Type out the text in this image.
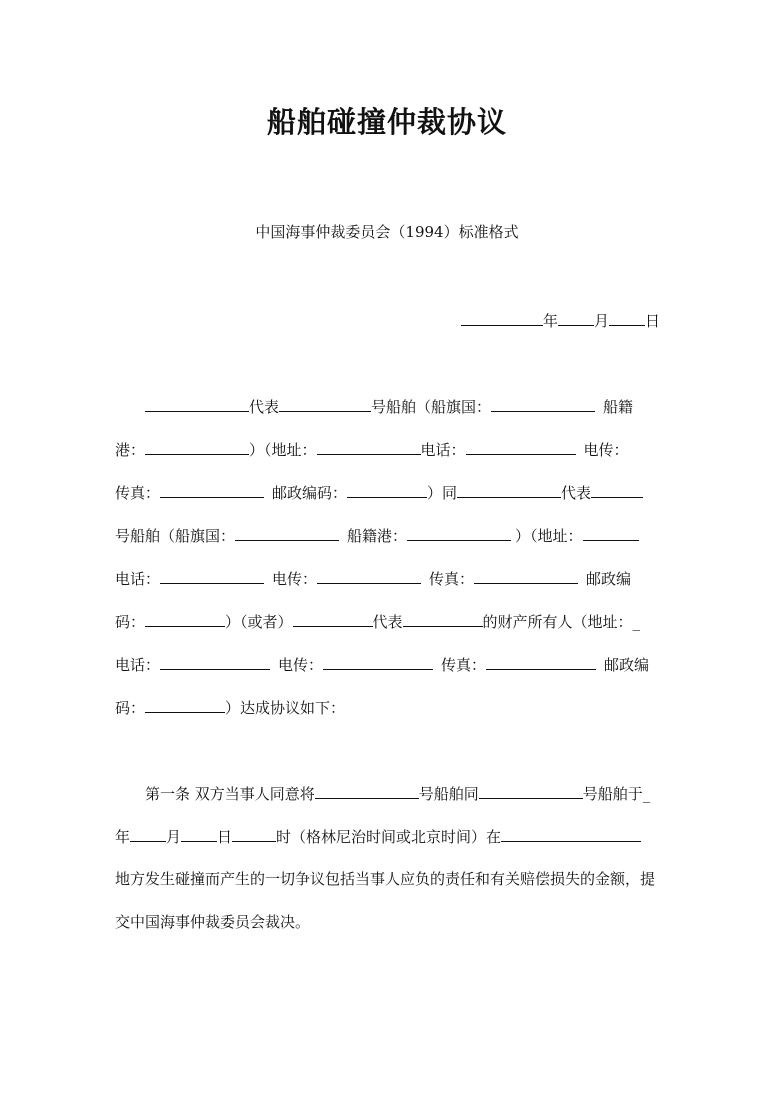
船舶碰撞仲裁协议
中国海事仲裁委员会（1994）标准格式
年 月 日
代表	号船舶（船旗国：	船籍
港：	）（地址：	电话：	电传：
传真：	邮政编码：	）同	代表
号船舶（船旗国：	船籍港：	）（地址：
电话：	电传：	传真：	邮政编
码：	）（或者）	代表	的财产所有人（地址：_
电话：	电传：	传真：	邮政编
码：	）达成协议如下：
第一条 双方当事人同意将	号船舶同	号船舶于_
年 月 日	时（格林尼治时间或北京时间）在
地方发生碰撞而产生的一切争议包括当事人应负的责任和有关赔偿损失的金额，提
交中国海事仲裁委员会裁决。
